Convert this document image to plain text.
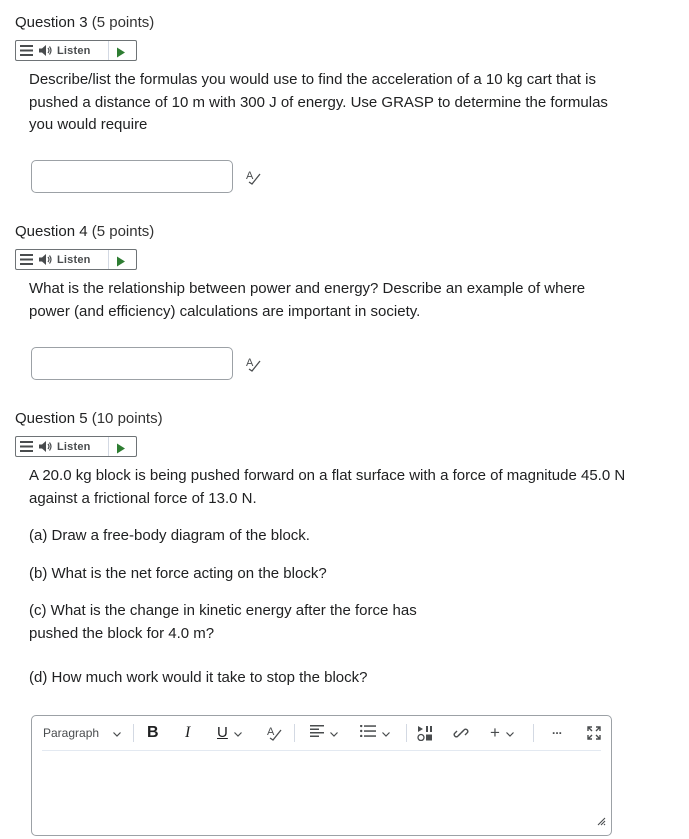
Question 3 (5 points)
Listen
Describe/list the formulas you would use to find the acceleration of a 10 kg cart that is pushed a distance of 10 m with 300 J of energy. Use GRASP to determine the formulas you would require
A
Question 4 (5 points)
Listen
What is the relationship between power and energy? Describe an example of where power (and efficiency) calculations are important in society.
A
Question 5 (10 points)
Listen
A 20.0 kg block is being pushed forward on a flat surface with a force of magnitude 45.0 N against a frictional force of 13.0 N.
(a) Draw a free-body diagram of the block.
(b) What is the net force acting on the block?
(c) What is the change in kinetic energy after the force has pushed the block for 4.0 m?
(d) How much work would it take to stop the block?
Paragraph	B I U	A	+	...
